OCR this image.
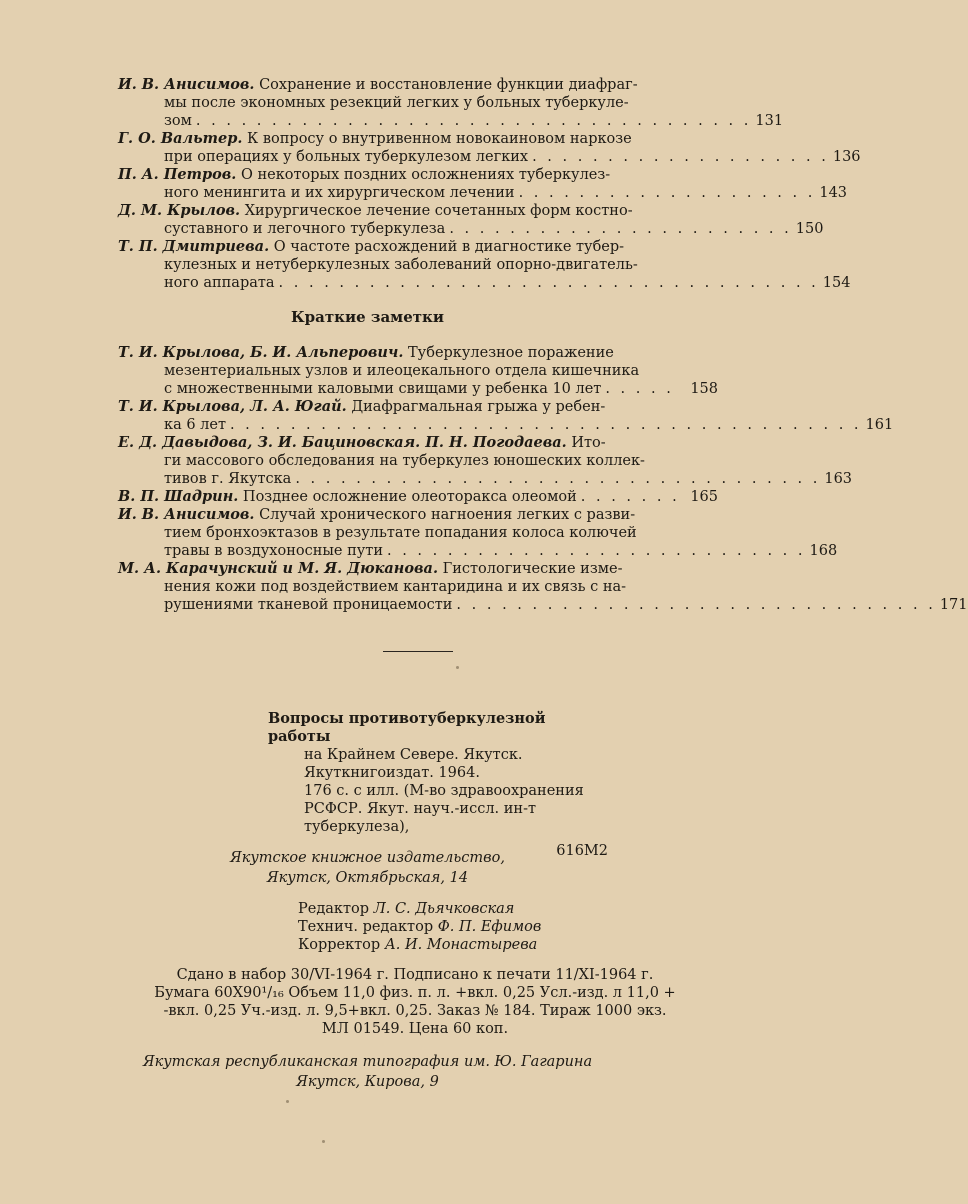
И. В. Анисимов. Сохранение и восстановление функции диафраг-
мы после экономных резекций легких у больных туберкуле-
зом . . . . . . . . . . . . . . . . . . . . . . . . . . . . . . . . . . . . . 131
Г. О. Вальтер. К вопросу о внутривенном новокаиновом наркозе
при операциях у больных туберкулезом легких . . . . . . . . . . . . . . . . . . . . 136
П. А. Петров. О некоторых поздних осложнениях туберкулез-
ного менингита и их хирургическом лечении . . . . . . . . . . . . . . . . . . . . 143
Д. М. Крылов. Хирургическое лечение сочетанных форм костно-
суставного и легочного туберкулеза . . . . . . . . . . . . . . . . . . . . . . . 150
Т. П. Дмитриева. О частоте расхождений в диагностике тубер-
кулезных и нетуберкулезных заболеваний опорно-двигатель-
ного аппарата . . . . . . . . . . . . . . . . . . . . . . . . . . . . . . . . . . . . 154
Краткие заметки
Т. И. Крылова, Б. И. Альперович. Туберкулезное поражение
мезентериальных узлов и илеоцекального отдела кишечника
с множественными каловыми свищами у ребенка 10 лет . . . . .	158
Т. И. Крылова, Л. А. Югай. Диафрагмальная грыжа у ребен-
ка 6 лет . . . . . . . . . . . . . . . . . . . . . . . . . . . . . . . . . . . . . . . . . . 161
Е. Д. Давыдова, З. И. Бациновская. П. Н. Погодаева. Ито-
ги массового обследования на туберкулез юношеских коллек-
тивов г. Якутска . . . . . . . . . . . . . . . . . . . . . . . . . . . . . . . . . . . 163
В. П. Шадрин. Позднее осложнение олеоторакса олеомой . . . . . . . 165
И. В. Анисимов. Случай хронического нагноения легких с разви-
тием бронхоэктазов в результате попадания колоса колючей
травы в воздухоносные пути . . . . . . . . . . . . . . . . . . . . . . . . . . . . 168
М. А. Карачунский и М. Я. Дюканова. Гистологические изме-
нения кожи под воздействием кантаридина и их связь с на-
рушениями тканевой проницаемости . . . . . . . . . . . . . . . . . . . . . . . . . . . . . . . . 171
Вопросы противотуберкулезной работы
на Крайнем Севере. Якутск.
Якуткнигоиздат. 1964.
176 с. с илл. (М-во здравоохранения
РСФСР. Якут. науч.-иссл. ин-т
туберкулеза),
616М2
Якутское книжное издательство,
Якутск, Октябрьская, 14
Редактор Л. С. Дьячковская
Технич. редактор Ф. П. Ефимов
Корректор А. И. Монастырева
Сдано в набор 30/VI-1964 г. Подписано к печати 11/XI-1964 г.
Бумага 60Х90¹/₁₆ Объем 11,0 физ. п. л. +вкл. 0,25 Усл.-изд. л 11,0 +
-вкл. 0,25 Уч.-изд. л. 9,5+вкл. 0,25. Заказ № 184. Тираж 1000 экз.
МЛ 01549. Цена 60 коп.
Якутская республиканская типография им. Ю. Гагарина
Якутск, Кирова, 9
